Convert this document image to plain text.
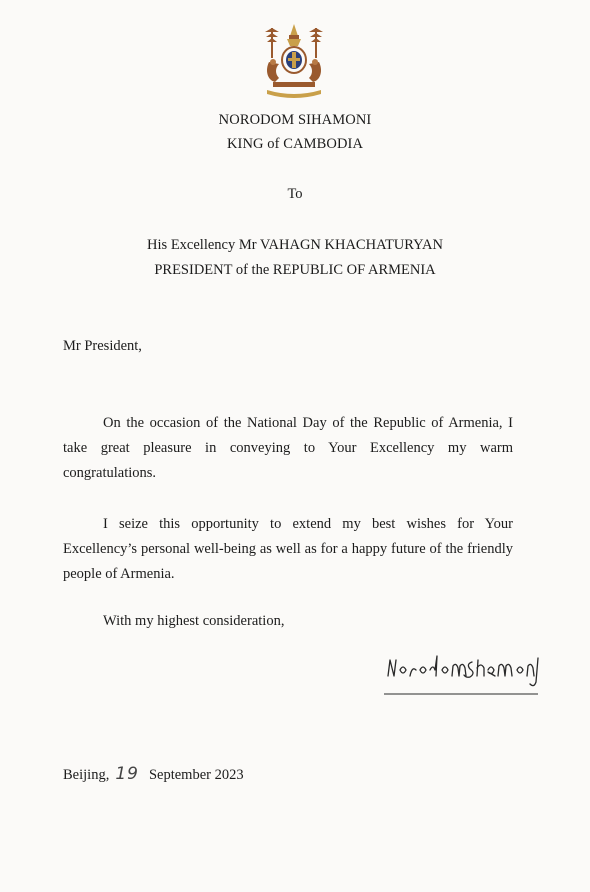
NORODOM SIHAMONI
KING of CAMBODIA
To
His Excellency Mr VAHAGN KHACHATURYAN
PRESIDENT of the REPUBLIC OF ARMENIA
Mr President,
On the occasion of the National Day of the Republic of Armenia, I take great pleasure in conveying to Your Excellency my warm congratulations.
I seize this opportunity to extend my best wishes for Your Excellency’s personal well-being as well as for a happy future of the friendly people of Armenia.
With my highest consideration,
Beijing, 19 September 2023
